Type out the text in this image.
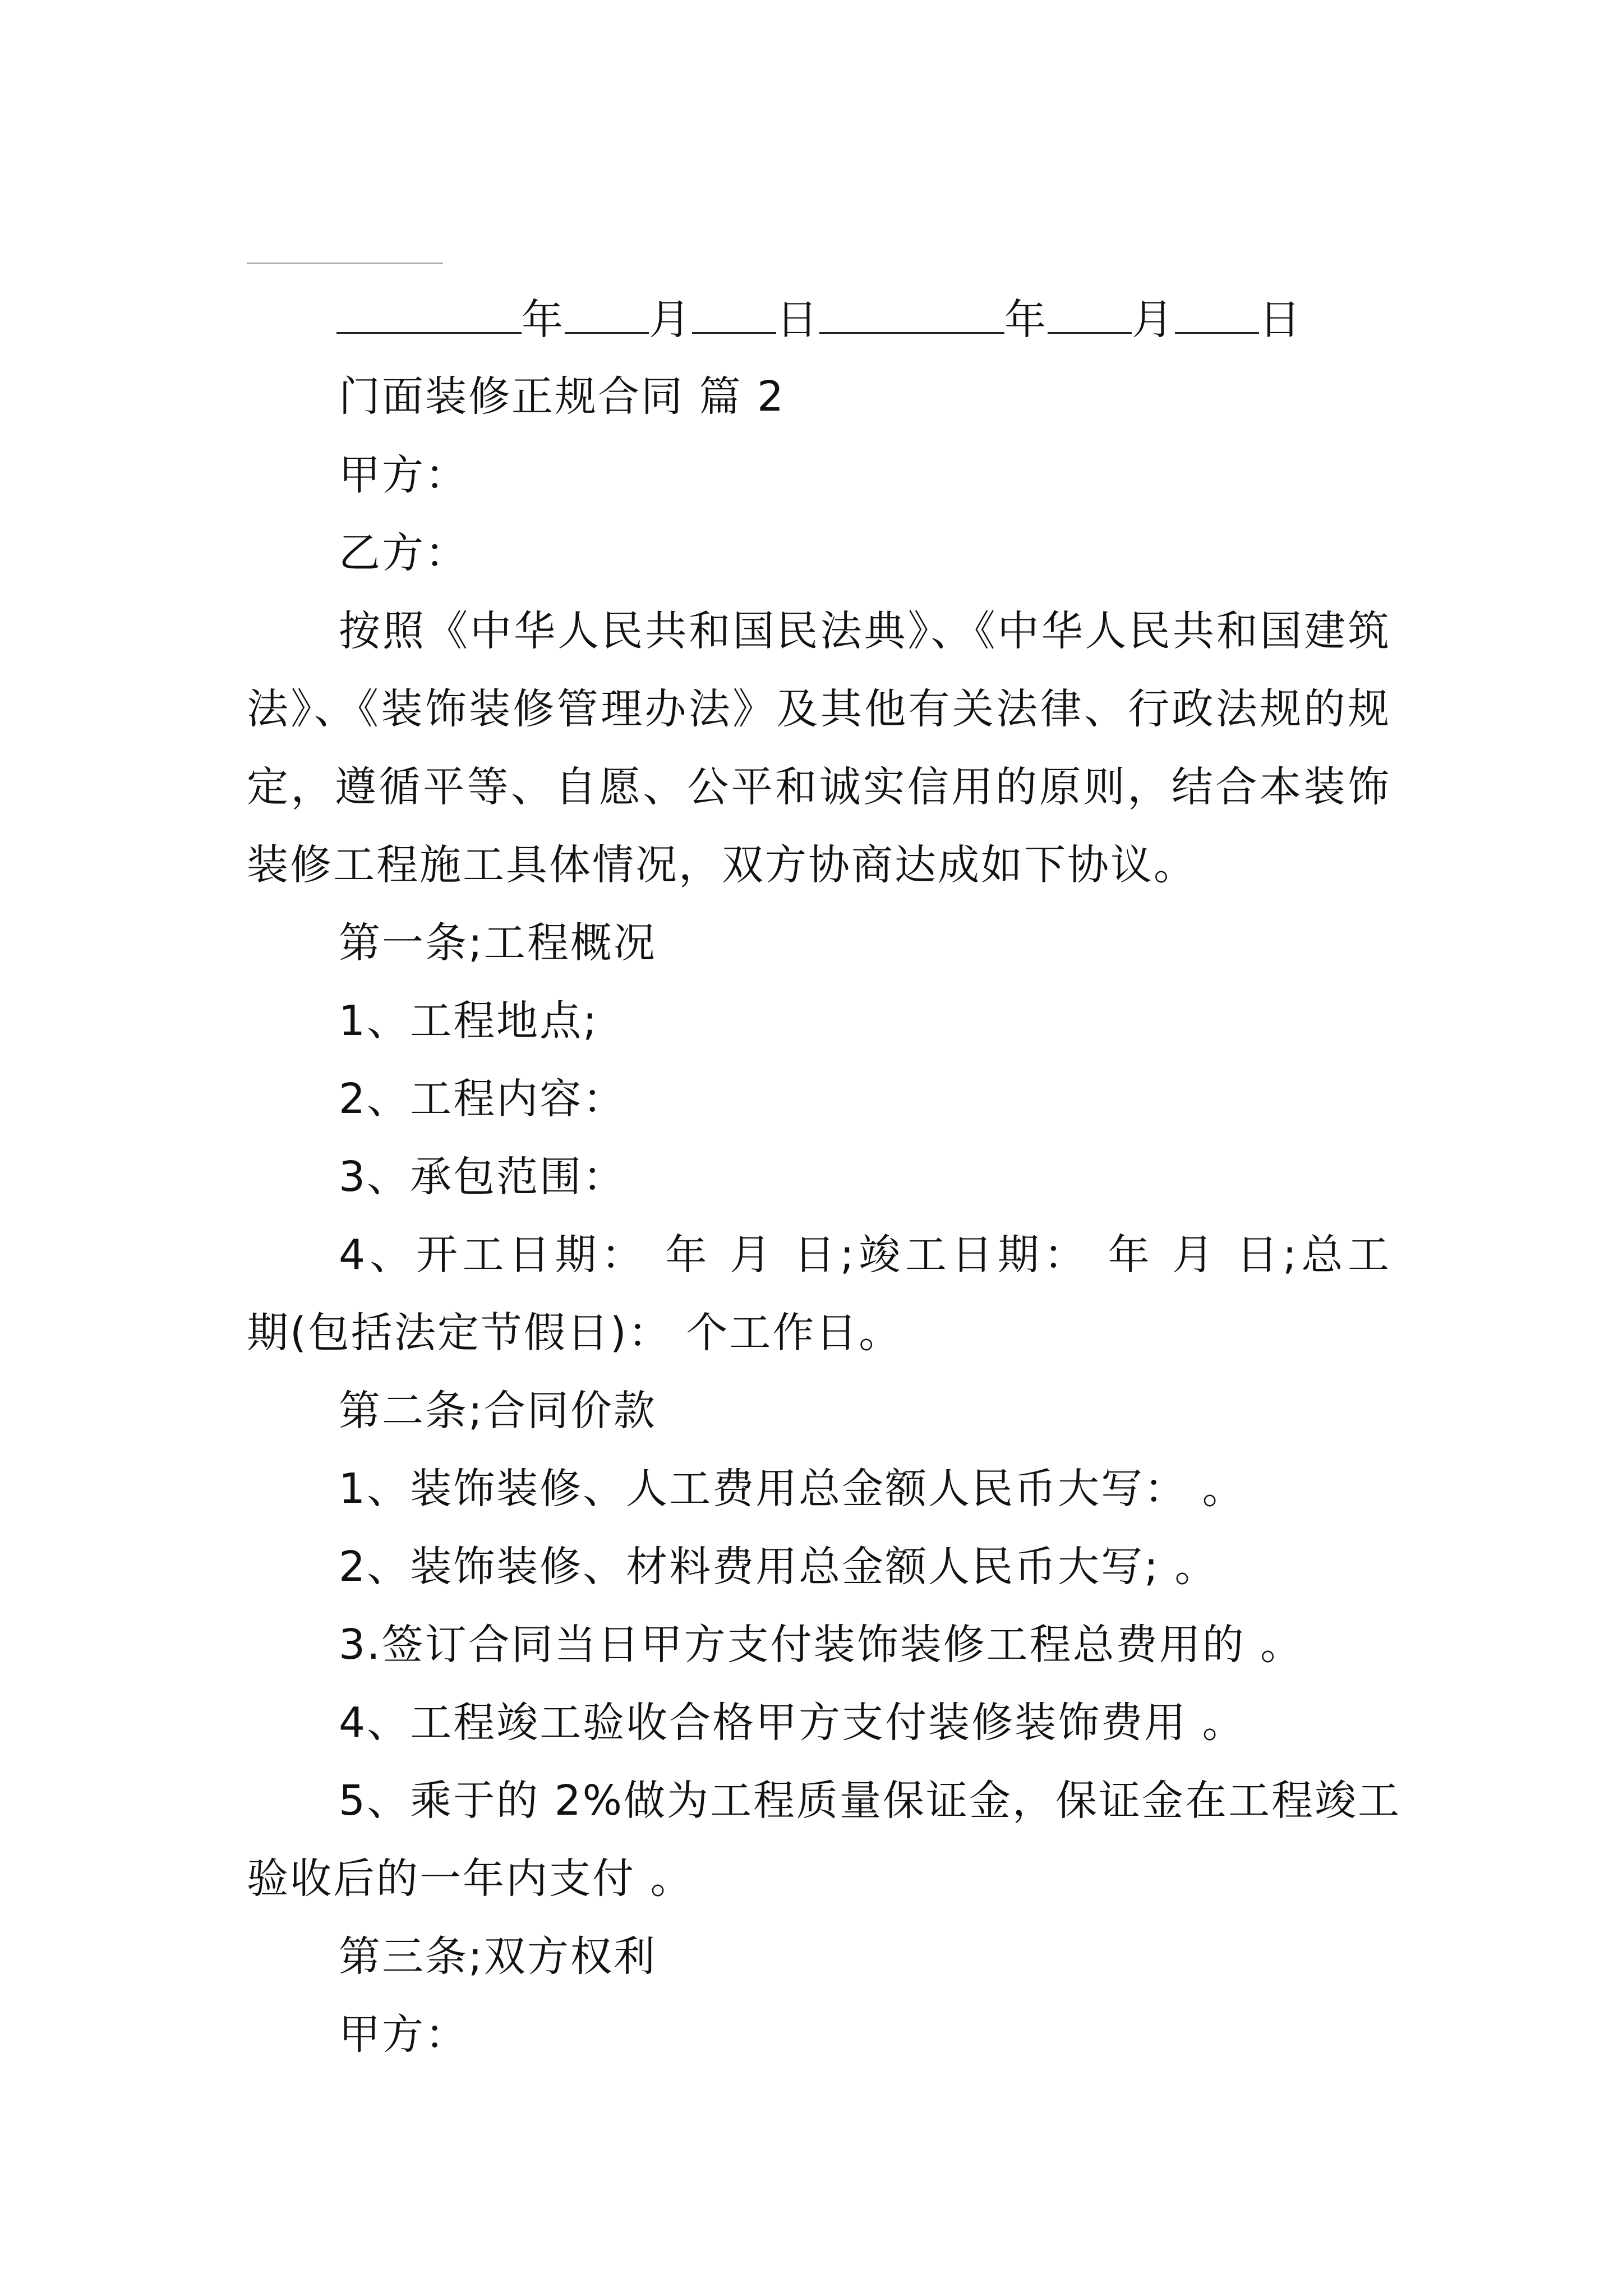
年 月 日	年 月 日
门面装修正规合同 篇 2
甲方：
乙方：
按照《中华人民共和国民法典》、《中华人民共和国建筑
法》、《装饰装修管理办法》及其他有关法律、行政法规的规
定，遵循平等、自愿、公平和诚实信用的原则，结合本装饰
装修工程施工具体情况，双方协商达成如下协议。
第一条;工程概况
1、工程地点;
2、工程内容：
3、承包范围：
4、开工日期： 年 月 日;竣工日期： 年 月 日;总工
期(包括法定节假日)： 个工作日。
第二条;合同价款
1、装饰装修、人工费用总金额人民币大写： 。
2、装饰装修、材料费用总金额人民币大写; 。
3.签订合同当日甲方支付装饰装修工程总费用的 。
4、工程竣工验收合格甲方支付装修装饰费用 。
5、乘于的 2%做为工程质量保证金，保证金在工程竣工
验收后的一年内支付 。
第三条;双方权利
甲方：
